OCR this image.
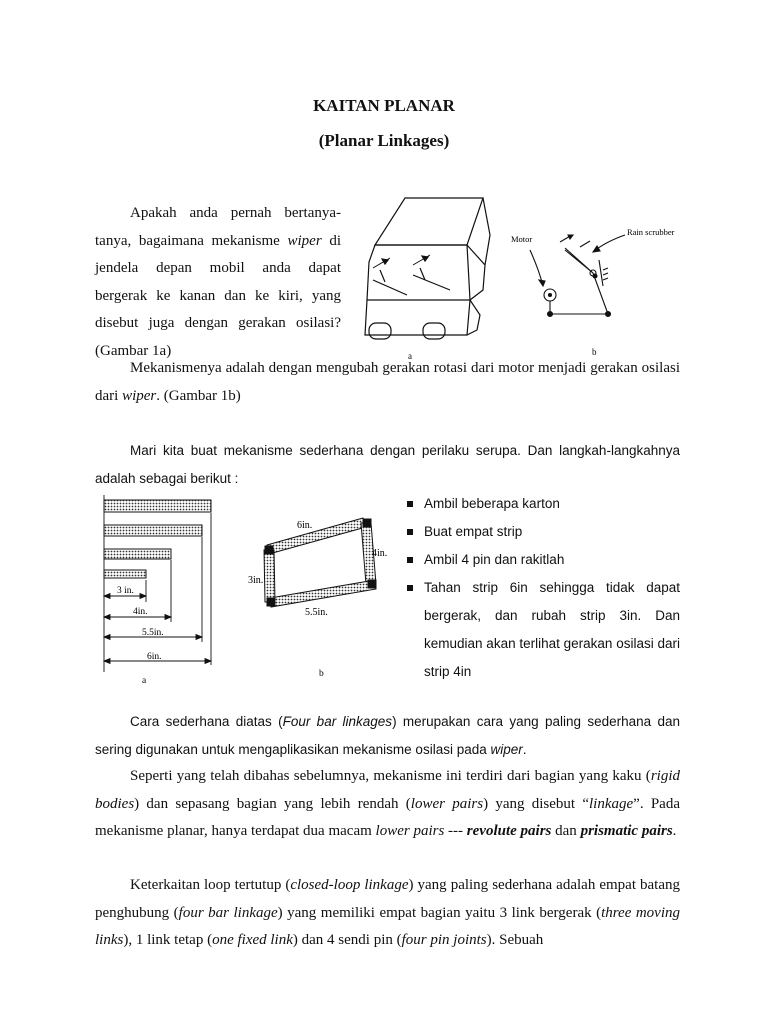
KAITAN PLANAR
(Planar Linkages)
Apakah anda pernah bertanya-
tanya, bagaimana mekanisme wiper di
jendela depan mobil anda dapat
bergerak ke kanan dan ke kiri, yang
disebut juga dengan gerakan osilasi?
(Gambar 1a)	a
Motor
Rain scrubber
b
Mekanismenya adalah dengan mengubah gerakan rotasi dari motor menjadi gerakan osilasi dari wiper. (Gambar 1b)
Mari kita buat mekanisme sederhana dengan perilaku serupa. Dan langkah-langkahnya adalah sebagai berikut :
3 in.
4in.
5.5in.
6in.
a
6in.
4in.
3in.
5.5in.
b
Ambil beberapa karton
Buat empat strip
Ambil 4 pin dan rakitlah
Tahan strip 6in sehingga tidak dapat bergerak, dan rubah strip 3in. Dan kemudian akan terlihat gerakan osilasi dari strip 4in
Cara sederhana diatas (Four bar linkages) merupakan cara yang paling sederhana dan sering digunakan untuk mengaplikasikan mekanisme osilasi pada wiper.
Seperti yang telah dibahas sebelumnya, mekanisme ini terdiri dari bagian yang kaku (rigid bodies) dan sepasang bagian yang lebih rendah (lower pairs) yang disebut “linkage”. Pada mekanisme planar, hanya terdapat dua macam lower pairs --- revolute pairs dan prismatic pairs.
Keterkaitan loop tertutup (closed-loop linkage) yang paling sederhana adalah empat batang penghubung (four bar linkage) yang memiliki empat bagian yaitu 3 link bergerak (three moving links), 1 link tetap (one fixed link) dan 4 sendi pin (four pin joints). Sebuah
